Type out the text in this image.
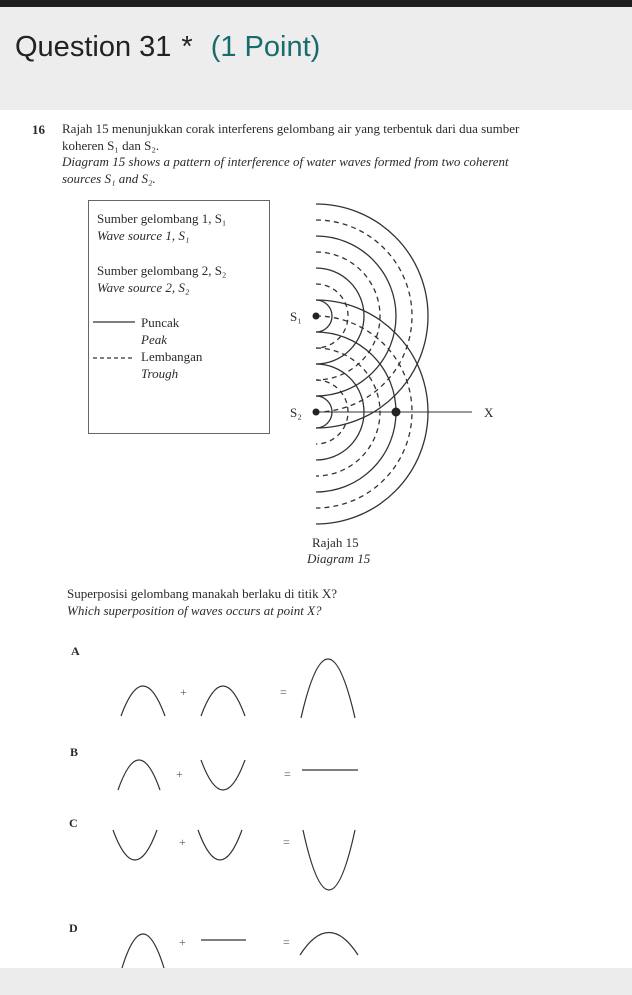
Question 31 * (1 Point)
16 Rajah 15 menunjukkan corak interferens gelombang air yang terbentuk dari dua sumber
koheren S₁ dan S₂.
Diagram 15 shows a pattern of interference of water waves formed from two coherent
sources S₁ and S₂.
Sumber gelombang 1, S₁
Wave source 1, S₁
Sumber gelombang 2, S₂
Wave source 2, S₂
Puncak
Peak
Lembangan
Trough
S₁
S₂	X
+	=
+	=
+	=
+	=
Rajah 15
Diagram 15
Superposisi gelombang manakah berlaku di titik X?
Which superposition of waves occurs at point X?
A
B
C
D
